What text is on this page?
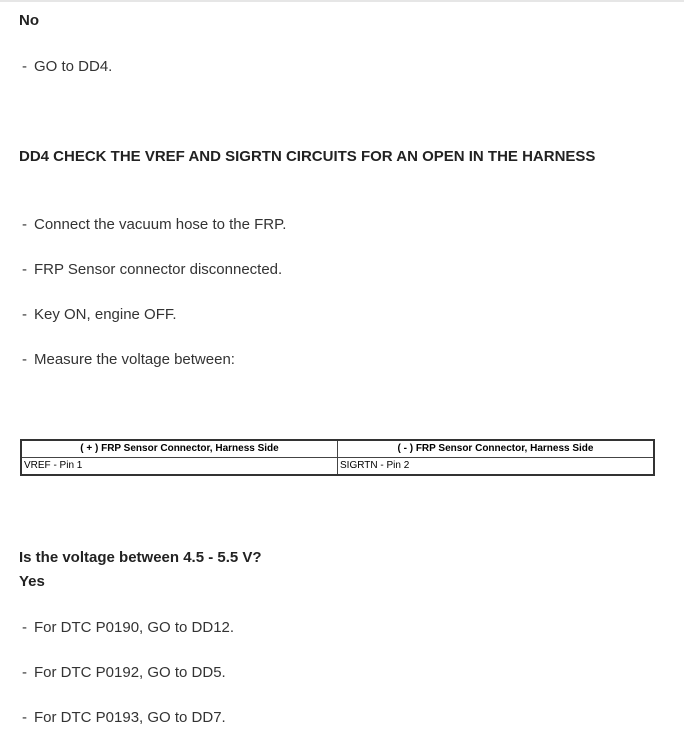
No
- GO to DD4.
DD4 CHECK THE VREF AND SIGRTN CIRCUITS FOR AN OPEN IN THE HARNESS
- Connect the vacuum hose to the FRP.
- FRP Sensor connector disconnected.
- Key ON, engine OFF.
- Measure the voltage between:
( + ) FRP Sensor Connector, Harness Side	( - ) FRP Sensor Connector, Harness Side
VREF - Pin 1	SIGRTN - Pin 2
Is the voltage between 4.5 - 5.5 V?
Yes
- For DTC P0190, GO to DD12.
- For DTC P0192, GO to DD5.
- For DTC P0193, GO to DD7.
